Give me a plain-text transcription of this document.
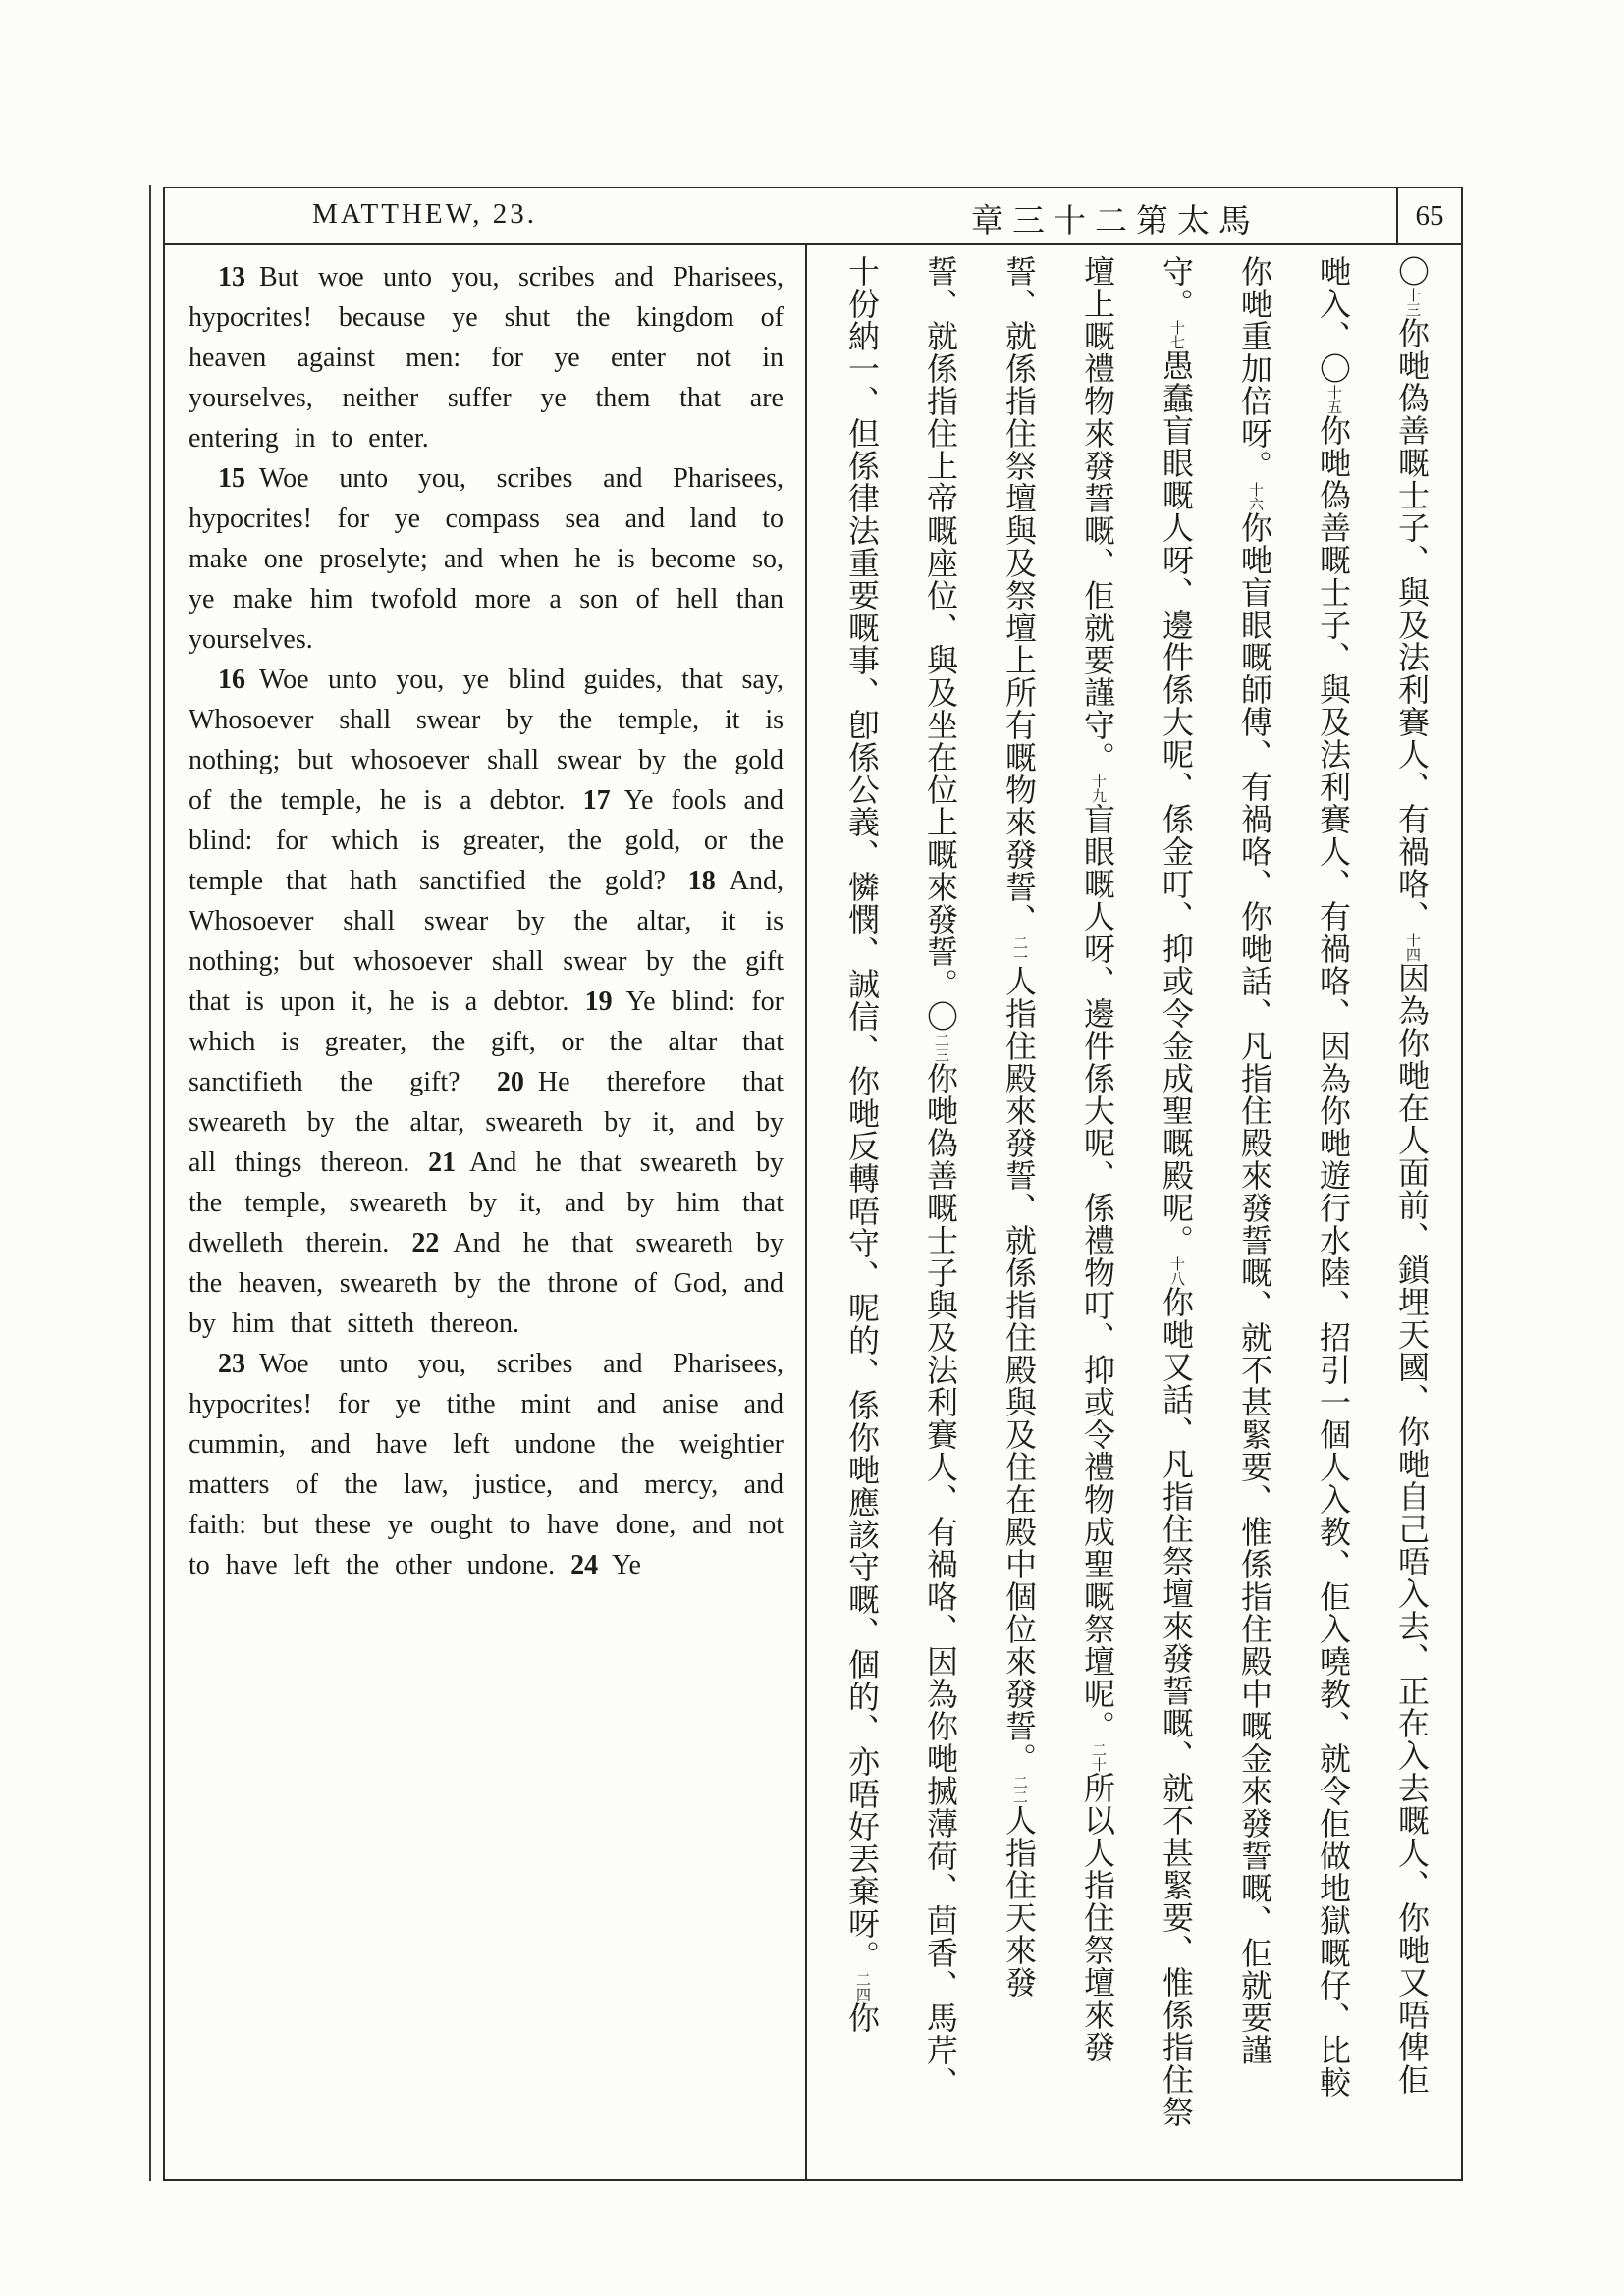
MATTHEW, 23.	章三十二第太馬	65

13 But woe unto you, scribes and Pharisees, hypocrites! because ye shut the kingdom of heaven against men: for ye enter not in yourselves, neither suffer ye them that are entering in to enter.

15 Woe unto you, scribes and Pharisees, hypocrites! for ye compass sea and land to make one proselyte; and when he is become so, ye make him twofold more a son of hell than yourselves.

16 Woe unto you, ye blind guides, that say, Whosoever shall swear by the temple, it is nothing; but whosoever shall swear by the gold of the temple, he is a debtor. 17 Ye fools and blind: for which is greater, the gold, or the temple that hath sanctified the gold? 18 And, Whosoever shall swear by the altar, it is nothing; but whosoever shall swear by the gift that is upon it, he is a debtor. 19 Ye blind: for which is greater, the gift, or the altar that sanctifieth the gift? 20 He therefore that sweareth by the altar, sweareth by it, and by all things thereon. 21 And he that sweareth by the temple, sweareth by it, and by him that dwelleth therein. 22 And he that sweareth by the heaven, sweareth by the throne of God, and by him that sitteth thereon.

23 Woe unto you, scribes and Pharisees, hypocrites! for ye tithe mint and anise and cummin, and have left undone the weightier matters of the law, justice, and mercy, and faith: but these ye ought to have done, and not to have left the other undone. 24 Ye

〇十三你哋偽善嘅士子、與及法利賽人、有禍咯、十四因為你哋在人面前、鎖埋天國、你哋自己唔入去、正在入去嘅人、你哋又唔俾佢
哋入、〇十五你哋偽善嘅士子、與及法利賽人、有禍咯、因為你哋遊行水陸、招引一個人入教、佢入嘵教、就令佢做地獄嘅仔、比較
你哋重加倍呀。十六你哋盲眼嘅師傅、有禍咯、你哋話、凡指住殿來發誓嘅、就不甚緊要、惟係指住殿中嘅金來發誓嘅、佢就要謹
守。十七愚蠢盲眼嘅人呀、邊件係大呢、係金叮、抑或令金成聖嘅殿呢。十八你哋又話、凡指住祭壇來發誓嘅、就不甚緊要、惟係指住祭
壇上嘅禮物來發誓嘅、佢就要謹守。十九盲眼嘅人呀、邊件係大呢、係禮物叮、抑或令禮物成聖嘅祭壇呢。二十所以人指住祭壇來發
誓、就係指住祭壇與及祭壇上所有嘅物來發誓、二一人指住殿來發誓、就係指住殿與及住在殿中個位來發誓。二二人指住天來發
誓、就係指住上帝嘅座位、與及坐在位上嘅來發誓。〇二三你哋偽善嘅士子與及法利賽人、有禍咯、因為你哋搣薄荷、茴香、馬芹、
十份納一、但係律法重要嘅事、卽係公義、憐憫、誠信、你哋反轉唔守、呢的、係你哋應該守嘅、個的、亦唔好丟棄呀。二四你
